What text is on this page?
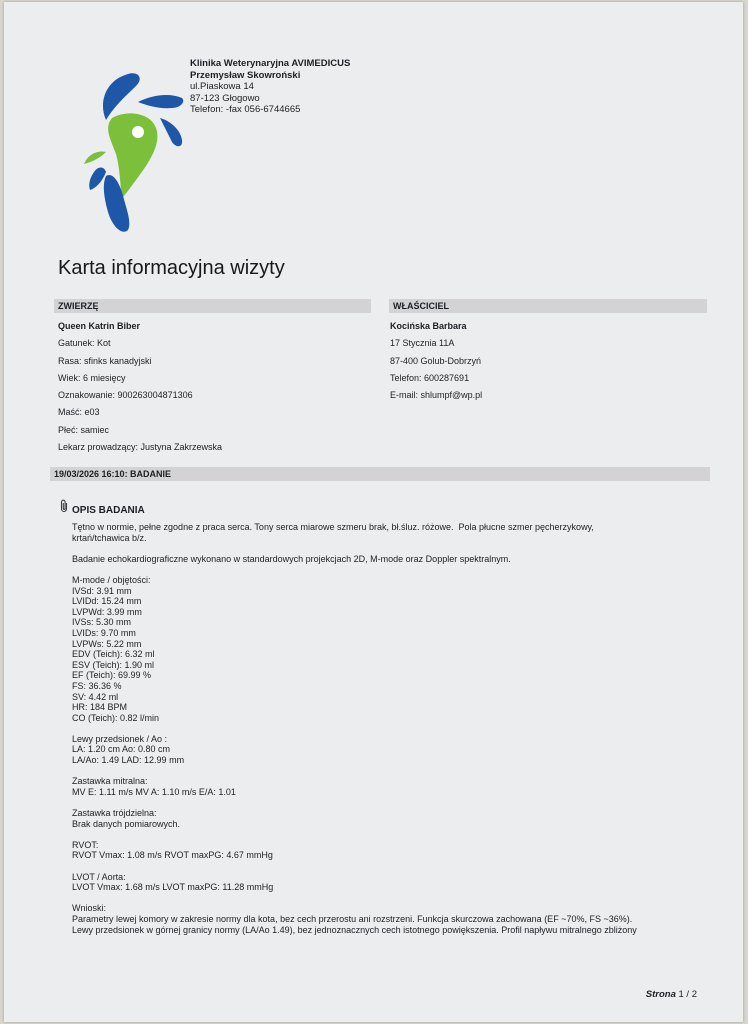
Klinika Weterynaryjna AVIMEDICUS
Przemysław Skowroński
ul.Piaskowa 14
87-123 Głogowo
Telefon: -fax 056-6744665
Karta informacyjna wizyty
ZWIERZĘ
Queen Katrin Biber
Gatunek: Kot
Rasa: sfinks kanadyjski
Wiek: 6 miesięcy
Oznakowanie: 900263004871306
Maść: e03
Płeć: samiec
Lekarz prowadzący: Justyna Zakrzewska
WŁAŚCICIEL
Kocińska Barbara
17 Stycznia 11A
87-400 Golub-Dobrzyń
Telefon: 600287691
E-mail: shlumpf@wp.pl
19/03/2026 16:10: BADANIE
OPIS BADANIA
Tętno w normie, pełne zgodne z praca serca. Tony serca miarowe szmeru brak, bł.śluz. różowe.  Pola płucne szmer pęcherzykowy,
krtań/tchawica b/z.
Badanie echokardiograficzne wykonano w standardowych projekcjach 2D, M-mode oraz Doppler spektralnym.
M-mode / objętości:
IVSd: 3.91 mm
LVIDd: 15.24 mm
LVPWd: 3.99 mm
IVSs: 5.30 mm
LVIDs: 9.70 mm
LVPWs: 5.22 mm
EDV (Teich): 6.32 ml
ESV (Teich): 1.90 ml
EF (Teich): 69.99 %
FS: 36.36 %
SV: 4.42 ml
HR: 184 BPM
CO (Teich): 0.82 l/min
Lewy przedsionek / Ao :
LA: 1.20 cm Ao: 0.80 cm
LA/Ao: 1.49 LAD: 12.99 mm
Zastawka mitralna:
MV E: 1.11 m/s MV A: 1.10 m/s E/A: 1.01
Zastawka trójdzielna:
Brak danych pomiarowych.
RVOT:
RVOT Vmax: 1.08 m/s RVOT maxPG: 4.67 mmHg
LVOT / Aorta:
LVOT Vmax: 1.68 m/s LVOT maxPG: 11.28 mmHg
Wnioski:
Parametry lewej komory w zakresie normy dla kota, bez cech przerostu ani rozstrzeni. Funkcja skurczowa zachowana (EF ~70%, FS ~36%).
Lewy przedsionek w górnej granicy normy (LA/Ao 1.49), bez jednoznacznych cech istotnego powiększenia. Profil napływu mitralnego zbliżony
Strona 1 / 2
